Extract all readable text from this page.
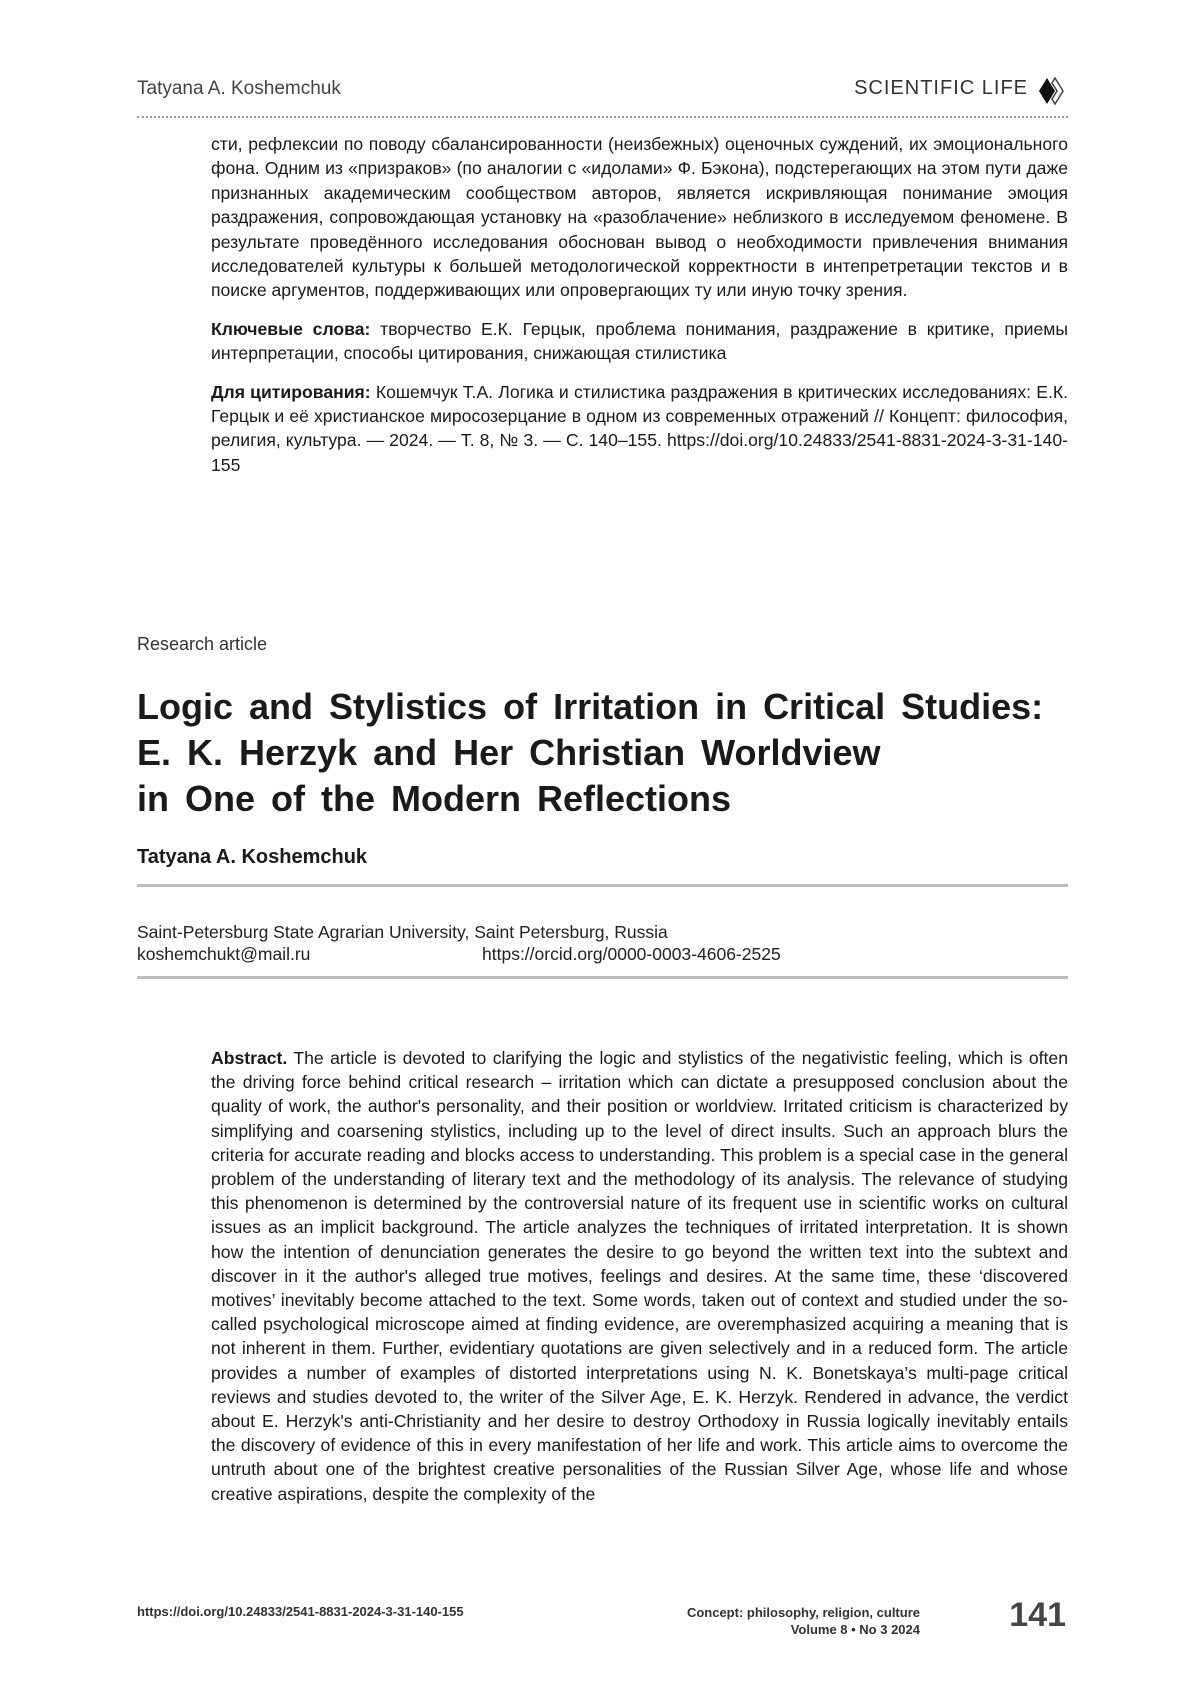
Tatyana A. Koshemchuk	SCIENTIFIC LIFE

сти, рефлексии по поводу сбалансированности (неизбежных) оценочных суждений, их эмоционального фона. Одним из «призраков» (по аналогии с «идолами» Ф. Бэкона), подстерегающих на этом пути даже признанных академическим сообществом авторов, является искривляющая понимание эмоция раздражения, сопровождающая установку на «разоблачение» неблизкого в исследуемом феномене. В результате проведённого исследования обоснован вывод о необходимости привлечения внимания исследователей культуры к большей методологической корректности в интепретретации текстов и в поиске аргументов, поддерживающих или опровергающих ту или иную точку зрения.

Ключевые слова: творчество Е.К. Герцык, проблема понимания, раздражение в критике, приемы интерпретации, способы цитирования, снижающая стилистика

Для цитирования: Кошемчук Т.А. Логика и стилистика раздражения в критических исследованиях: Е.К. Герцык и её христианское миросозерцание в одном из современных отражений // Концепт: философия, религия, культура. — 2024. — Т. 8, № 3. — С. 140–155. https://doi.org/10.24833/2541-8831-2024-3-31-140-155

Research article
Logic and Stylistics of Irritation in Critical Studies:
E. K. Herzyk and Her Christian Worldview
in One of the Modern Reflections
Tatyana A. Koshemchuk
Saint-Petersburg State Agrarian University, Saint Petersburg, Russia
koshemchukt@mail.ru	https://orcid.org/0000-0003-4606-2525
Abstract. The article is devoted to clarifying the logic and stylistics of the negativistic feeling, which is often the driving force behind critical research – irritation which can dictate a presupposed conclusion about the quality of work, the author's personality, and their position or worldview. Irritated criticism is characterized by simplifying and coarsening stylistics, including up to the level of direct insults. Such an approach blurs the criteria for accurate reading and blocks access to understanding. This problem is a special case in the general problem of the understanding of literary text and the methodology of its analysis. The relevance of studying this phenomenon is determined by the controversial nature of its frequent use in scientific works on cultural issues as an implicit background. The article analyzes the techniques of irritated interpretation. It is shown how the intention of denunciation generates the desire to go beyond the written text into the subtext and discover in it the author's alleged true motives, feelings and desires. At the same time, these ‘discovered motives’ inevitably become attached to the text. Some words, taken out of context and studied under the so-called psychological microscope aimed at finding evidence, are overemphasized acquiring a meaning that is not inherent in them. Further, evidentiary quotations are given selectively and in a reduced form. The article provides a number of examples of distorted interpretations using N. K. Bonetskaya’s multi-page critical reviews and studies devoted to, the writer of the Silver Age, E. K. Herzyk. Rendered in advance, the verdict about E. Herzyk's anti-Christianity and her desire to destroy Orthodoxy in Russia logically inevitably entails the discovery of evidence of this in every manifestation of her life and work. This article aims to overcome the untruth about one of the brightest creative personalities of the Russian Silver Age, whose life and whose creative aspirations, despite the complexity of the
https://doi.org/10.24833/2541-8831-2024-3-31-140-155	Concept: philosophy, religion, culture
Volume 8 • No 3 2024	141
